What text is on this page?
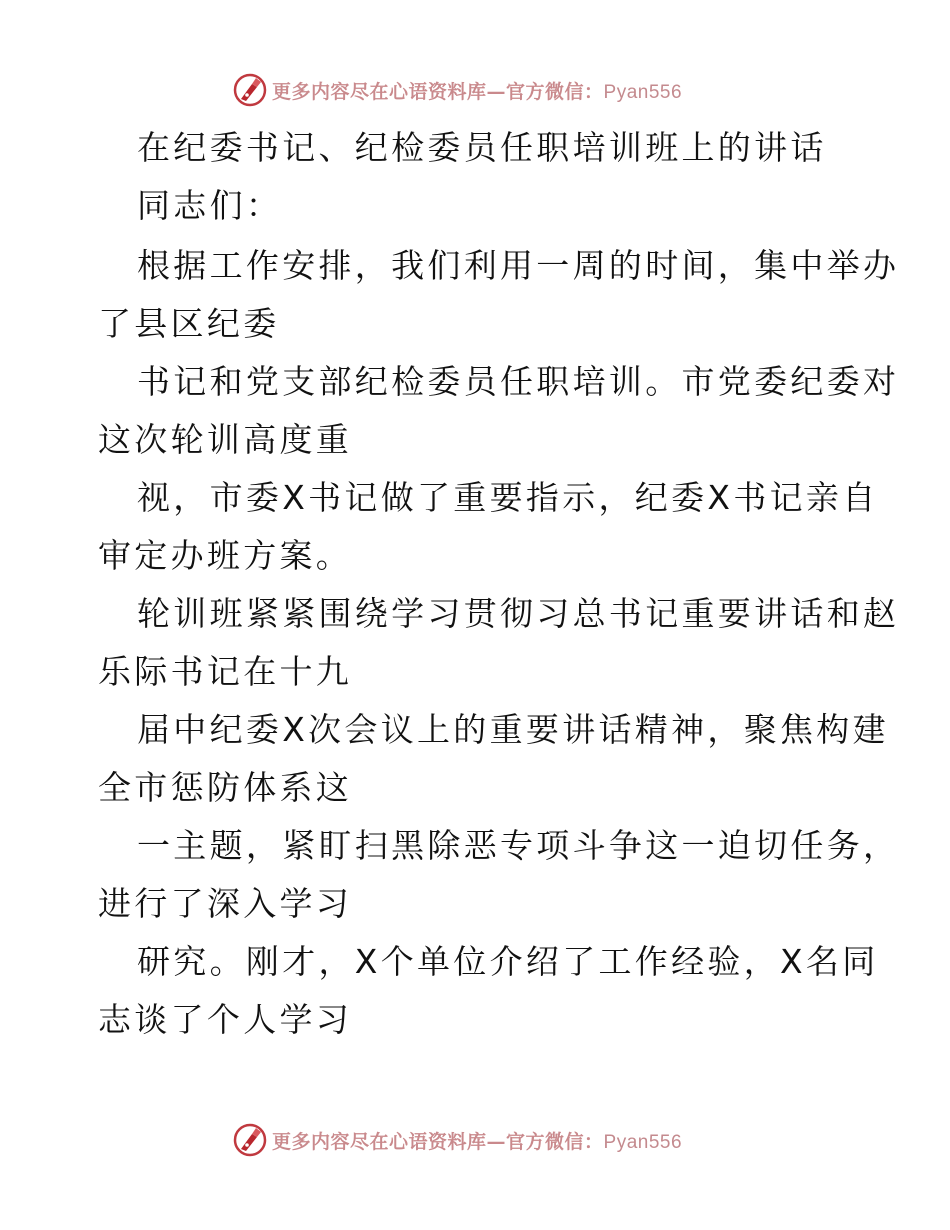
更多内容尽在心语资料库—官方微信：Pyan556
在纪委书记、纪检委员任职培训班上的讲话
同志们：
根据工作安排，我们利用一周的时间，集中举办
了县区纪委
书记和党支部纪检委员任职培训。市党委纪委对
这次轮训高度重
视，市委X书记做了重要指示，纪委X书记亲自
审定办班方案。
轮训班紧紧围绕学习贯彻习总书记重要讲话和赵
乐际书记在十九
届中纪委X次会议上的重要讲话精神，聚焦构建
全市惩防体系这
一主题，紧盯扫黑除恶专项斗争这一迫切任务，
进行了深入学习
研究。刚才，X个单位介绍了工作经验，X名同
志谈了个人学习
更多内容尽在心语资料库—官方微信：Pyan556
